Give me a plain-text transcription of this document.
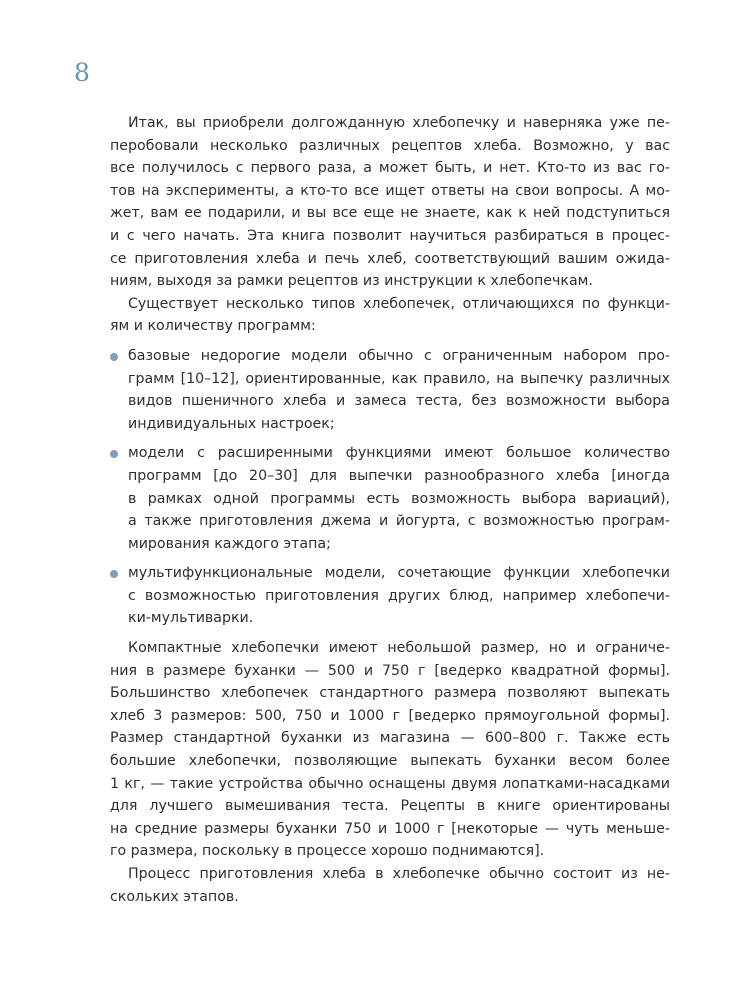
8
Итак, вы приобрели долгожданную хлебопечку и наверняка уже пе-
перобовали несколько различных рецептов хлеба. Возможно, у вас
все получилось с первого раза, а может быть, и нет. Кто-то из вас го-
тов на эксперименты, а кто-то все ищет ответы на свои вопросы. А мо-
жет, вам ее подарили, и вы все еще не знаете, как к ней подступиться
и с чего начать. Эта книга позволит научиться разбираться в процес-
се приготовления хлеба и печь хлеб, соответствующий вашим ожида-
ниям, выходя за рамки рецептов из инструкции к хлебопечкам.
Существует несколько типов хлебопечек, отличающихся по функци-
ям и количеству программ:
базовые недорогие модели обычно с ограниченным набором про-
грамм [10–12], ориентированные, как правило, на выпечку различных
видов пшеничного хлеба и замеса теста, без возможности выбора
индивидуальных настроек;
модели с расширенными функциями имеют большое количество
программ [до 20–30] для выпечки разнообразного хлеба [иногда
в рамках одной программы есть возможность выбора вариаций),
а также приготовления джема и йогурта, с возможностью програм-
мирования каждого этапа;
мультифункциональные модели, сочетающие функции хлебопечки
с возможностью приготовления других блюд, например хлебопечи-
ки-мультиварки.
Компактные хлебопечки имеют небольшой размер, но и ограниче-
ния в размере буханки — 500 и 750 г [ведерко квадратной формы].
Большинство хлебопечек стандартного размера позволяют выпекать
хлеб 3 размеров: 500, 750 и 1000 г [ведерко прямоугольной формы].
Размер стандартной буханки из магазина — 600–800 г. Также есть
большие хлебопечки, позволяющие выпекать буханки весом более
1 кг, — такие устройства обычно оснащены двумя лопатками-насадками
для лучшего вымешивания теста. Рецепты в книге ориентированы
на средние размеры буханки 750 и 1000 г [некоторые — чуть меньше-
го размера, поскольку в процессе хорошо поднимаются].
Процесс приготовления хлеба в хлебопечке обычно состоит из не-
скольких этапов.
